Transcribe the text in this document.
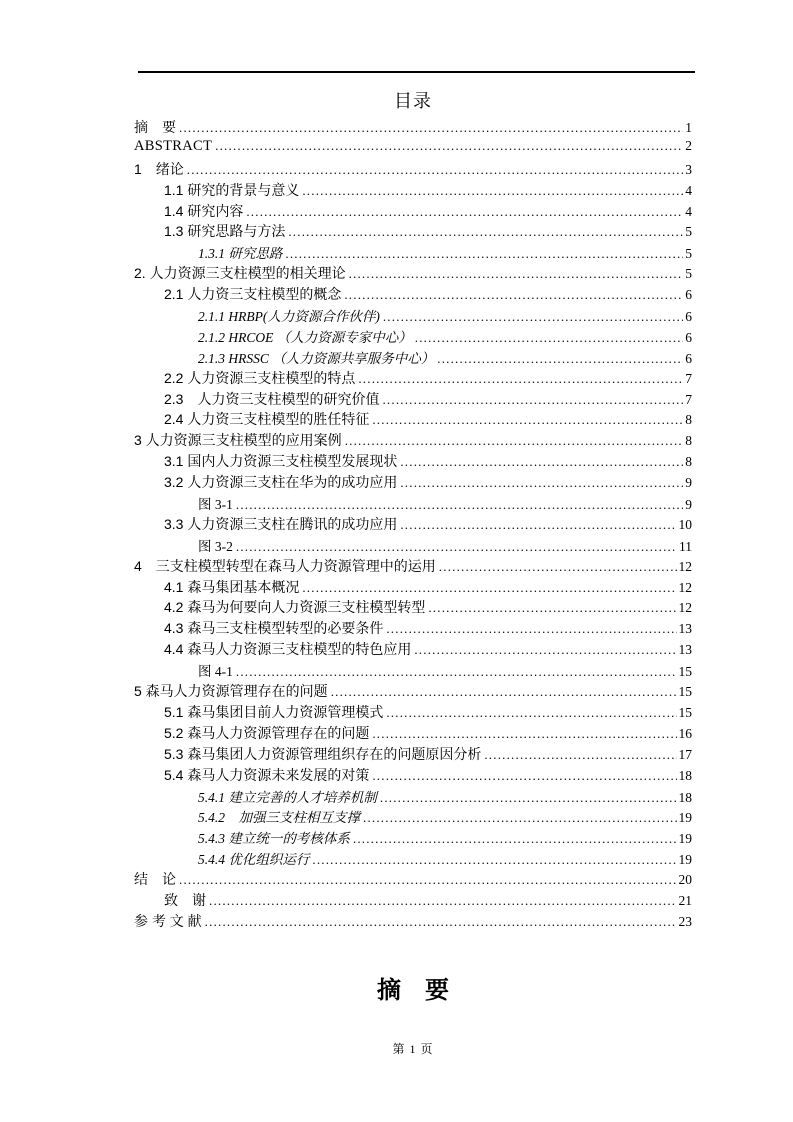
目录
摘　要 .....	1
ABSTRACT .....	2
1　绪论 .....	3
1.1 研究的背景与意义 .....	4
1.4 研究内容 .....	4
1.3 研究思路与方法 .....	5
1.3.1 研究思路 .....	5
2. 人力资源三支柱模型的相关理论 .....	5
2.1 人力资三支柱模型的概念 .....	6
2.1.1 HRBP(人力资源合作伙伴) .....	6
2.1.2 HRCOE （人力资源专家中心） .....	6
2.1.3 HRSSC （人力资源共享服务中心） .....	6
2.2 人力资源三支柱模型的特点 .....	7
2.3　人力资三支柱模型的研究价值 .....	7
2.4 人力资三支柱模型的胜任特征 .....	8
3 人力资源三支柱模型的应用案例 .....	8
3.1 国内人力资源三支柱模型发展现状 .....	8
3.2 人力资源三支柱在华为的成功应用 .....	9
图 3-1 .....	9
3.3 人力资源三支柱在腾讯的成功应用 .....	10
图 3-2 .....	11
4　三支柱模型转型在森马人力资源管理中的运用 .....	12
4.1 森马集团基本概况 .....	12
4.2 森马为何要向人力资源三支柱模型转型 .....	12
4.3 森马三支柱模型转型的必要条件 .....	13
4.4 森马人力资源三支柱模型的特色应用 .....	13
图 4-1 .....	15
5 森马人力资源管理存在的问题 .....	15
5.1 森马集团目前人力资源管理模式 .....	15
5.2 森马人力资源管理存在的问题 .....	16
5.3 森马集团人力资源管理组织存在的问题原因分析 .....	17
5.4 森马人力资源未来发展的对策 .....	18
5.4.1 建立完善的人才培养机制 .....	18
5.4.2　加强三支柱相互支撑 .....	19
5.4.3 建立统一的考核体系 .....	19
5.4.4 优化组织运行 .....	19
结　论 .....	20
致　谢 .....	21
参 考 文 献 .....	23
摘　要
第 1 页
